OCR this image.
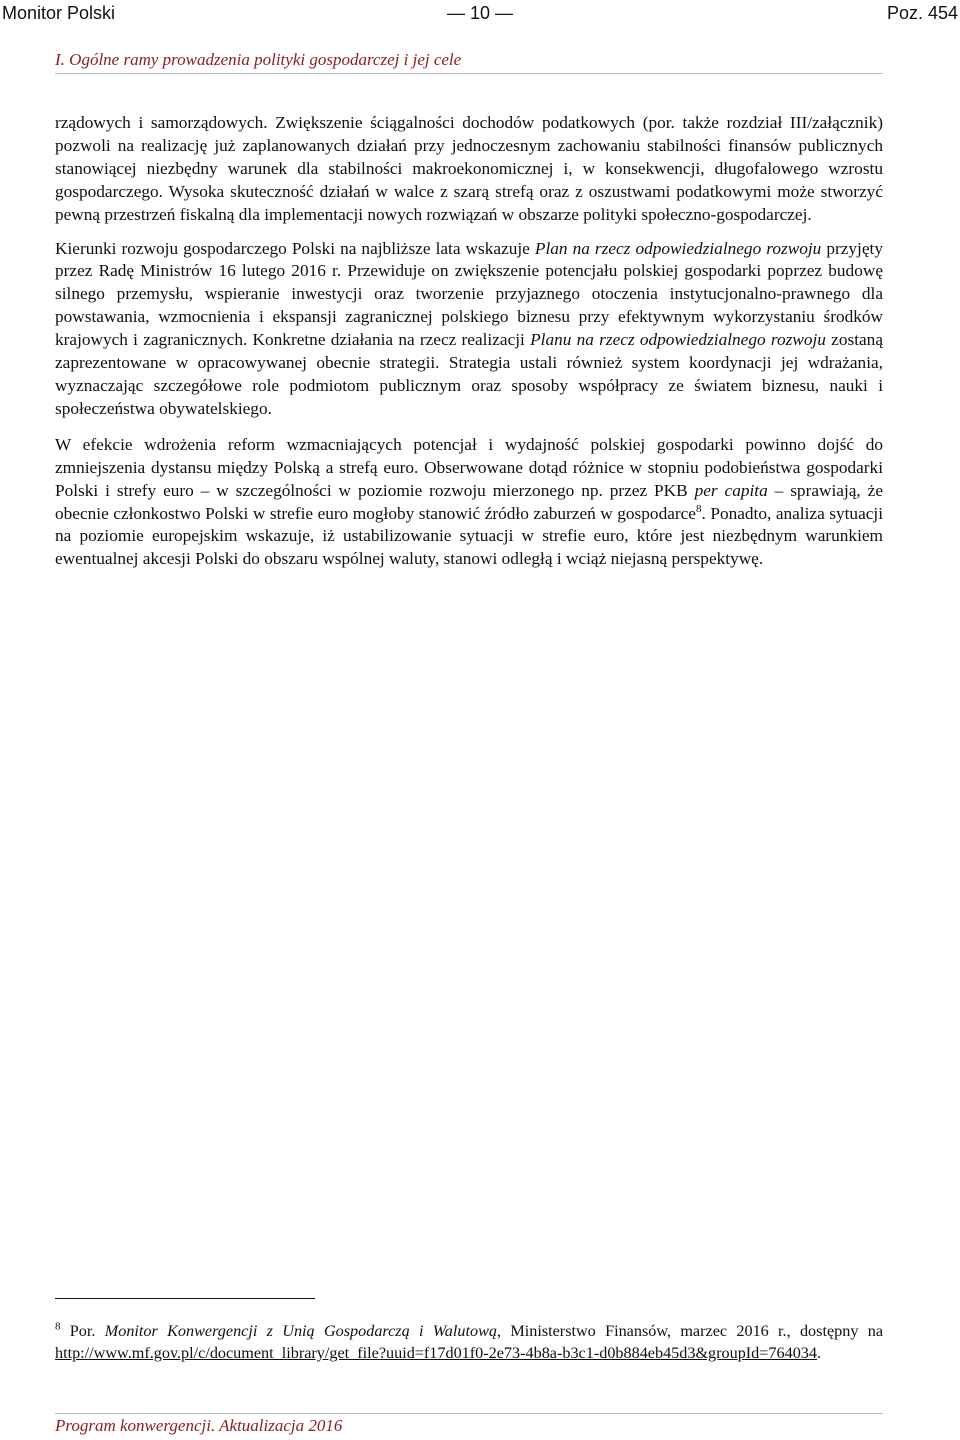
Monitor Polski	— 10 —	Poz. 454
I. Ogólne ramy prowadzenia polityki gospodarczej i jej cele

rządowych i samorządowych. Zwiększenie ściągalności dochodów podatkowych (por. także rozdział III/załącznik) pozwoli na realizację już zaplanowanych działań przy jednoczesnym zachowaniu stabilności finansów publicznych stanowiącej niezbędny warunek dla stabilności makroekonomicznej i, w konsekwencji, długofalowego wzrostu gospodarczego. Wysoka skuteczność działań w walce z szarą strefą oraz z oszustwami podatkowymi może stworzyć pewną przestrzeń fiskalną dla implementacji nowych rozwiązań w obszarze polityki społeczno-gospodarczej.

Kierunki rozwoju gospodarczego Polski na najbliższe lata wskazuje Plan na rzecz odpowiedzialnego rozwoju przyjęty przez Radę Ministrów 16 lutego 2016 r. Przewiduje on zwiększenie potencjału polskiej gospodarki poprzez budowę silnego przemysłu, wspieranie inwestycji oraz tworzenie przyjaznego otoczenia instytucjonalno-prawnego dla powstawania, wzmocnienia i ekspansji zagranicznej polskiego biznesu przy efektywnym wykorzystaniu środków krajowych i zagranicznych. Konkretne działania na rzecz realizacji Planu na rzecz odpowiedzialnego rozwoju zostaną zaprezentowane w opracowywanej obecnie strategii. Strategia ustali również system koordynacji jej wdrażania, wyznaczając szczegółowe role podmiotom publicznym oraz sposoby współpracy ze światem biznesu, nauki i społeczeństwa obywatelskiego.

W efekcie wdrożenia reform wzmacniających potencjał i wydajność polskiej gospodarki powinno dojść do zmniejszenia dystansu między Polską a strefą euro. Obserwowane dotąd różnice w stopniu podobieństwa gospodarki Polski i strefy euro – w szczególności w poziomie rozwoju mierzonego np. przez PKB per capita – sprawiają, że obecnie członkostwo Polski w strefie euro mogłoby stanowić źródło zaburzeń w gospodarce$^8$. Ponadto, analiza sytuacji na poziomie europejskim wskazuje, iż ustabilizowanie sytuacji w strefie euro, które jest niezbędnym warunkiem ewentualnej akcesji Polski do obszaru wspólnej waluty, stanowi odległą i wciąż niejasną perspektywę.

$^8$ Por. Monitor Konwergencji z Unią Gospodarczą i Walutową, Ministerstwo Finansów, marzec 2016 r., dostępny na http://www.mf.gov.pl/c/document_library/get_file?uuid=f17d01f0-2e73-4b8a-b3c1-d0b884eb45d3&groupId=764034.
Program konwergencji. Aktualizacja 2016
